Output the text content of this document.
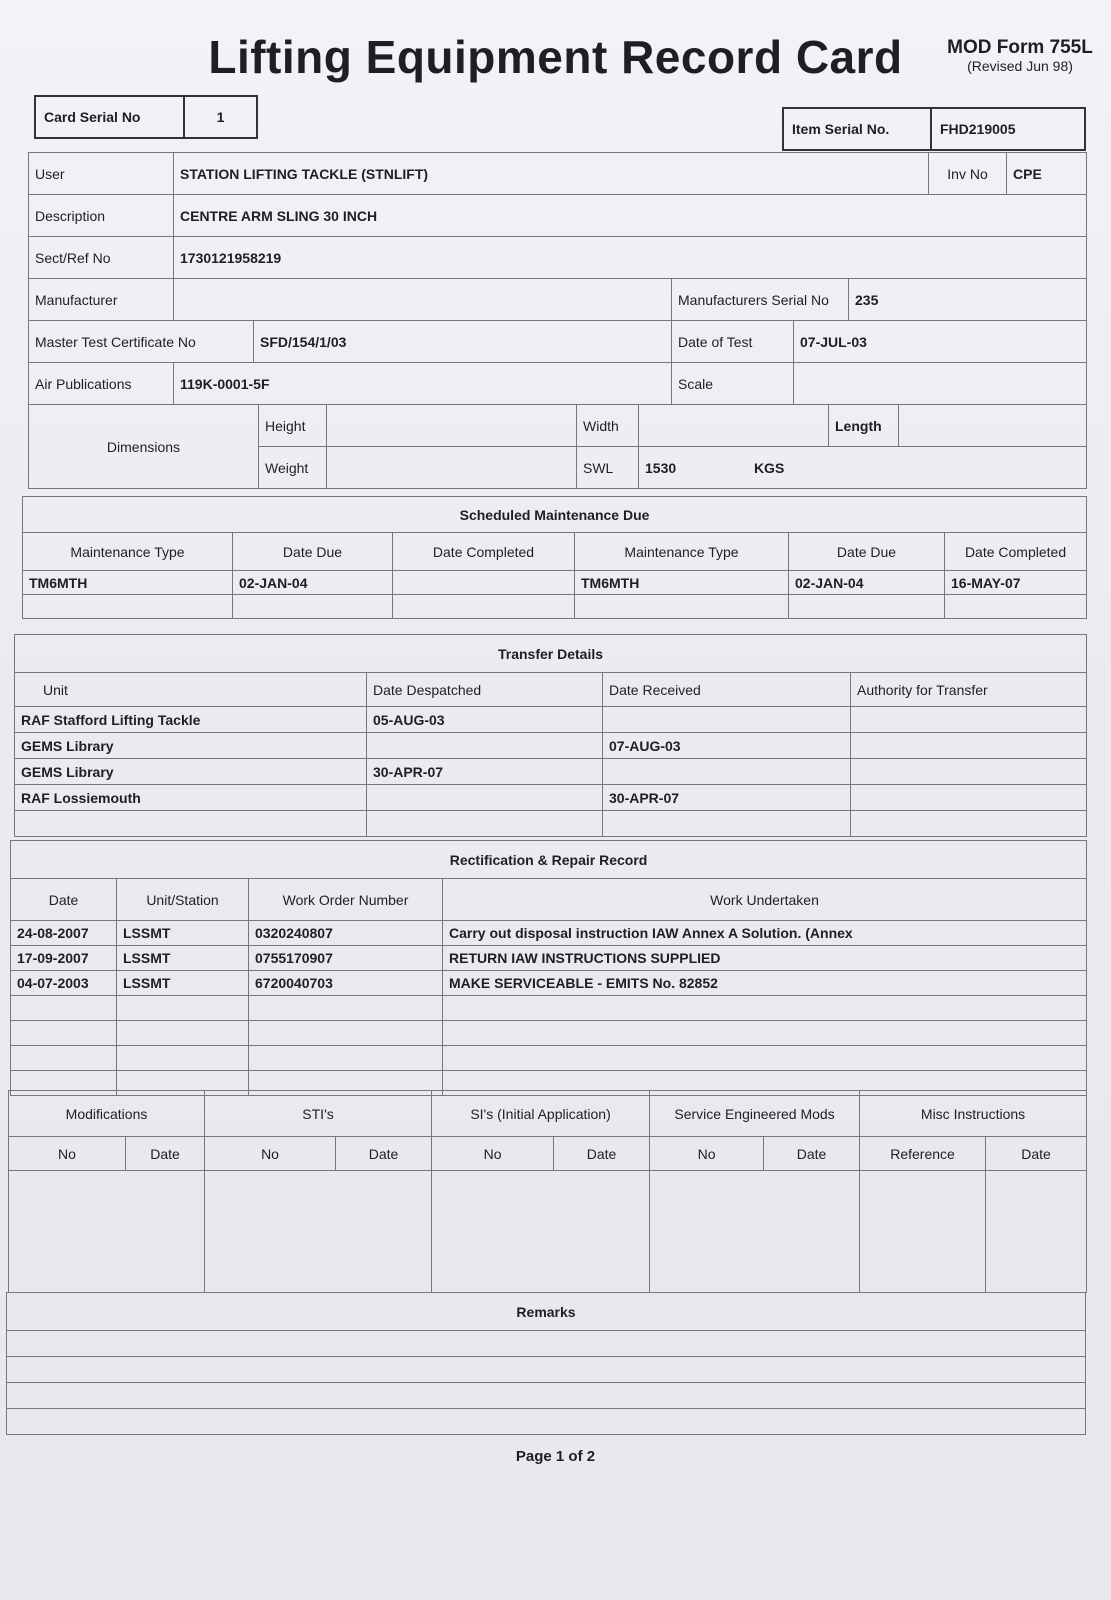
Lifting Equipment Record Card	MOD Form 755L
(Revised Jun 98)
Card Serial No	1
Item Serial No.	FHD219005
User	STATION LIFTING TACKLE (STNLIFT)					Inv No	CPE
Description	CENTRE ARM SLING 30 INCH						
Sect/Ref No	1730121958219						
Manufacturer			Manufacturers Serial No		235		
Master Test Certificate No		SFD/154/1/03	Date of Test	07-JUL-03			
Air Publications	119K-0001-5F		Scale				
Dimensions	Height		Width		Length	
	Weight		SWL	1530 KGS		
Scheduled Maintenance Due					
Maintenance Type	Date Due	Date Completed	Maintenance Type	Date Due	Date Completed
TM6MTH	02-JAN-04		TM6MTH	02-JAN-04	16-MAY-07

Transfer Details			
Unit	Date Despatched	Date Received	Authority for Transfer
RAF Stafford Lifting Tackle	05-AUG-03		
GEMS Library		07-AUG-03	
GEMS Library	30-APR-07		
RAF Lossiemouth		30-APR-07	

Rectification & Repair Record			
Date	Unit/Station	Work Order Number	Work Undertaken
24-08-2007	LSSMT	0320240807	Carry out disposal instruction IAW Annex A Solution. (Annex
17-09-2007	LSSMT	0755170907	RETURN IAW INSTRUCTIONS SUPPLIED
04-07-2003	LSSMT	6720040703	MAKE SERVICEABLE - EMITS No. 82852

Modifications		STI's		SI's (Initial Application)		Service Engineered Mods		Misc Instructions	
No	Date	No	Date	No	Date	No	Date	Reference	Date

Remarks

Page 1 of 2
